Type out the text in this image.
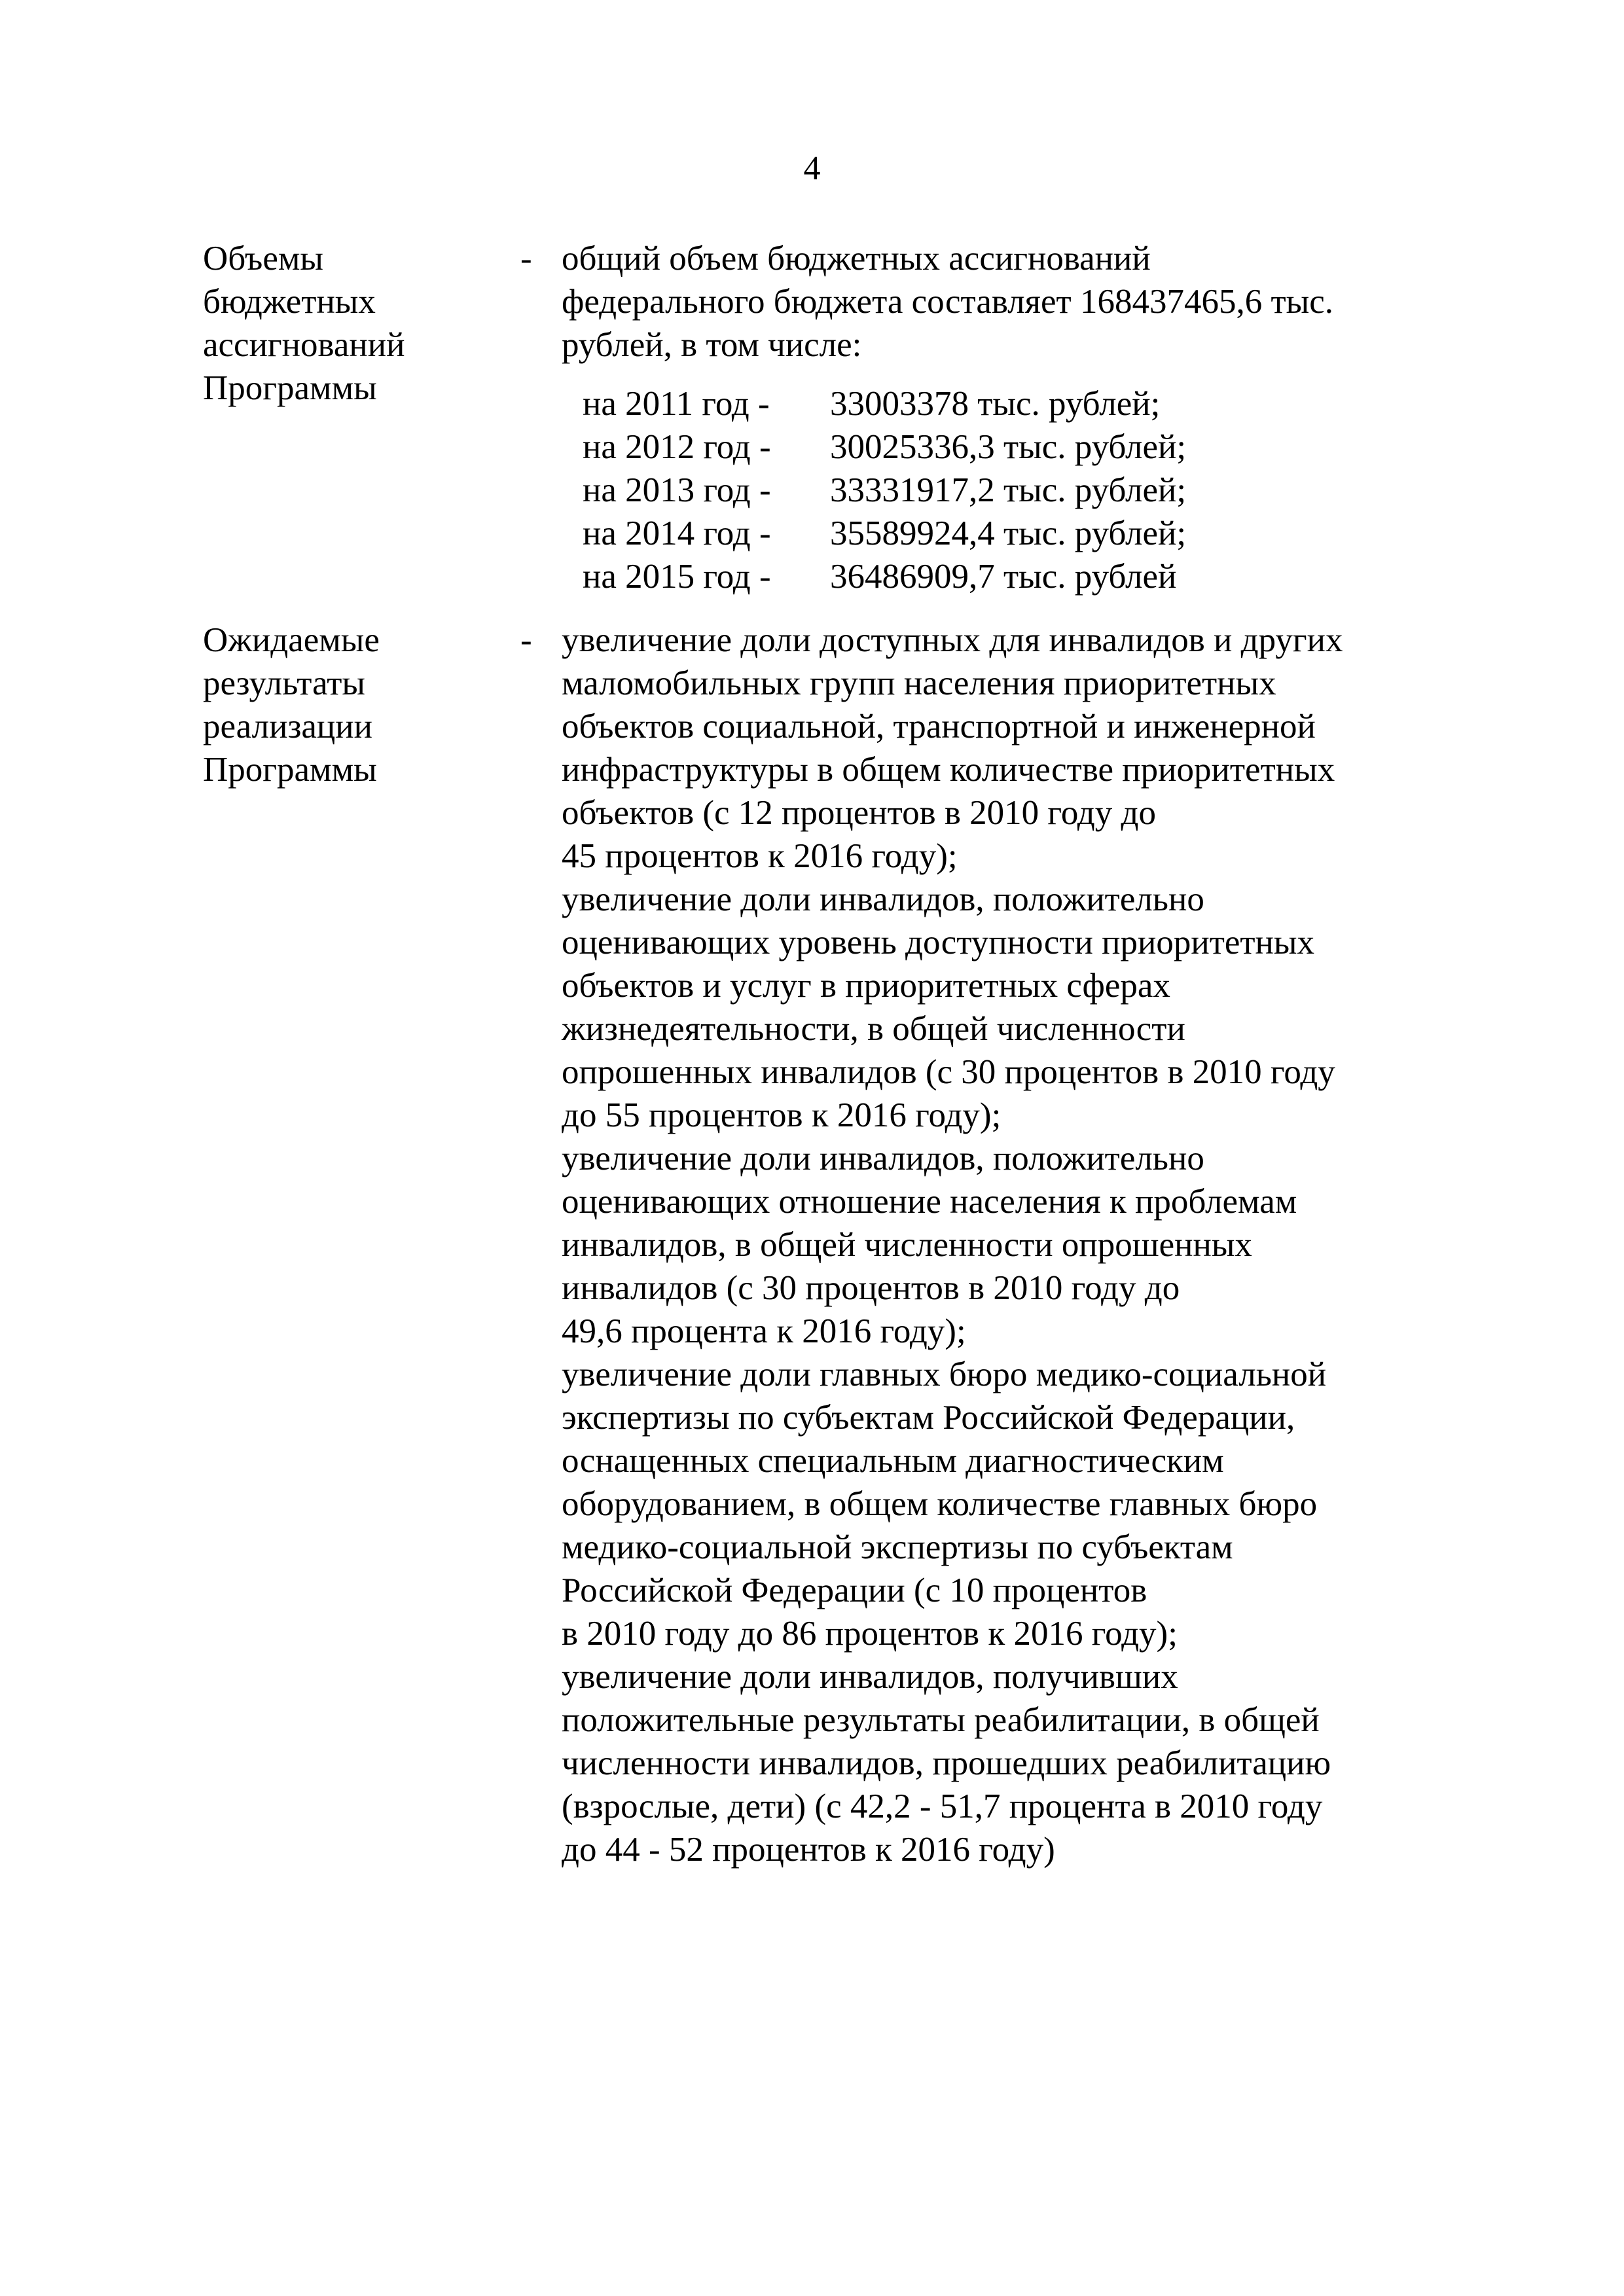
4
Объемы
бюджетных
ассигнований
Программы
- общий объем бюджетных ассигнований
федерального бюджета составляет 168437465,6 тыс.
рублей, в том числе:
на 2011 год - 33003378 тыс. рублей;
на 2012 год - 30025336,3 тыс. рублей;
на 2013 год - 33331917,2 тыс. рублей;
на 2014 год - 35589924,4 тыс. рублей;
на 2015 год - 36486909,7 тыс. рублей
Ожидаемые
результаты
реализации
Программы
- увеличение доли доступных для инвалидов и других
маломобильных групп населения приоритетных
объектов социальной, транспортной и инженерной
инфраструктуры в общем количестве приоритетных
объектов (с 12 процентов в 2010 году до
45 процентов к 2016 году);
увеличение доли инвалидов, положительно
оценивающих уровень доступности приоритетных
объектов и услуг в приоритетных сферах
жизнедеятельности, в общей численности
опрошенных инвалидов (с 30 процентов в 2010 году
до 55 процентов к 2016 году);
увеличение доли инвалидов, положительно
оценивающих отношение населения к проблемам
инвалидов, в общей численности опрошенных
инвалидов (с 30 процентов в 2010 году до
49,6 процента к 2016 году);
увеличение доли главных бюро медико-социальной
экспертизы по субъектам Российской Федерации,
оснащенных специальным диагностическим
оборудованием, в общем количестве главных бюро
медико-социальной экспертизы по субъектам
Российской Федерации (с 10 процентов
в 2010 году до 86 процентов к 2016 году);
увеличение доли инвалидов, получивших
положительные результаты реабилитации, в общей
численности инвалидов, прошедших реабилитацию
(взрослые, дети) (с 42,2 - 51,7 процента в 2010 году
до 44 - 52 процентов к 2016 году)
